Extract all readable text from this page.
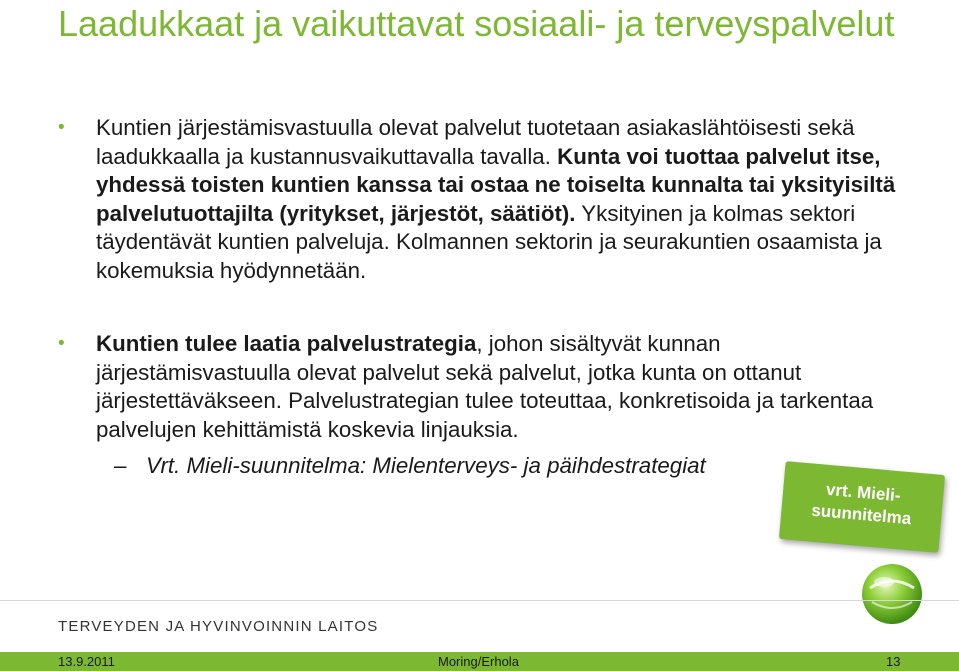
Laadukkaat ja vaikuttavat sosiaali- ja terveyspalvelut
• Kuntien järjestämisvastuulla olevat palvelut tuotetaan asiakaslähtöisesti sekä laadukkaalla ja kustannusvaikuttavalla tavalla. Kunta voi tuottaa palvelut itse, yhdessä toisten kuntien kanssa tai ostaa ne toiselta kunnalta tai yksityisiltä palvelutuottajilta (yritykset, järjestöt, säätiöt). Yksityinen ja kolmas sektori täydentävät kuntien palveluja. Kolmannen sektorin ja seurakuntien osaamista ja kokemuksia hyödynnetään.
• Kuntien tulee laatia palvelustrategia, johon sisältyvät kunnan järjestämisvastuulla olevat palvelut sekä palvelut, jotka kunta on ottanut järjestettäväkseen. Palvelustrategian tulee toteuttaa, konkretisoida ja tarkentaa palvelujen kehittämistä koskevia linjauksia.
– Vrt. Mieli-suunnitelma: Mielenterveys- ja päihdestrategiat
vrt. Mieli-
suunnitelma
TERVEYDEN JA HYVINVOINNIN LAITOS
13.9.2011	Moring/Erhola	13
